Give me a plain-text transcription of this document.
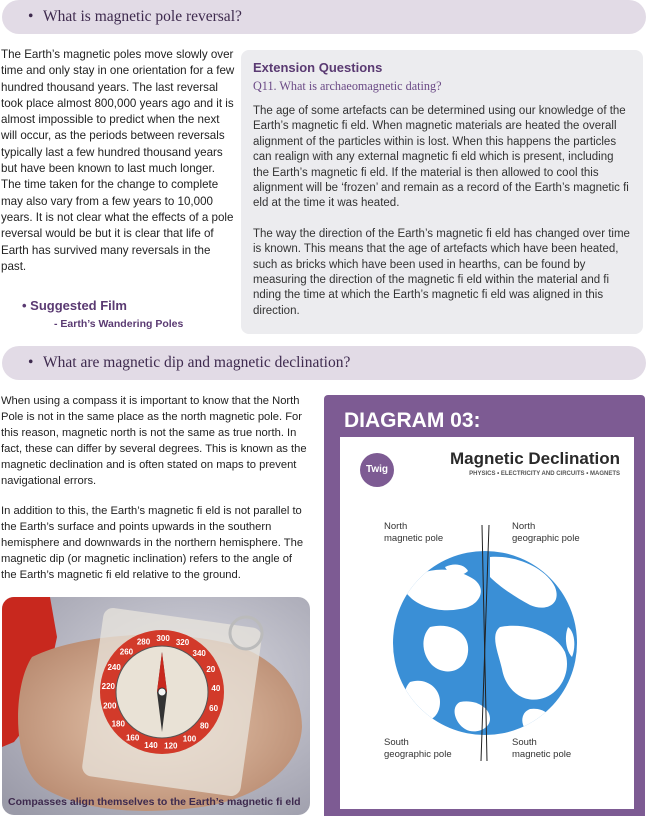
• What is magnetic pole reversal?

The Earth’s magnetic poles move slowly over time and only stay in one orientation for a few hundred thousand years. The last reversal took place almost 800,000 years ago and it is almost impossible to predict when the next will occur, as the periods between reversals typically last a few hundred thousand years but have been known to last much longer. The time taken for the change to complete may also vary from a few years to 10,000 years. It is not clear what the effects of a pole reversal would be but it is clear that life of Earth has survived many reversals in the past.

• Suggested Film
- Earth’s Wandering Poles

Extension Questions

Q11. What is archaeomagnetic dating?

The age of some artefacts can be determined using our knowledge of the Earth’s magnetic fi eld. When magnetic materials are heated the overall alignment of the particles within is lost. When this happens the particles can realign with any external magnetic fi eld which is present, including the Earth’s magnetic fi eld. If the material is then allowed to cool this alignment will be ‘frozen’ and remain as a record of the Earth’s magnetic fi eld at the time it was heated.

The way the direction of the Earth’s magnetic fi eld has changed over time is known. This means that the age of artefacts which have been heated, such as bricks which have been used in hearths, can be found by measuring the direction of the magnetic fi eld within the material and fi nding the time at which the Earth’s magnetic fi eld was aligned in this direction.

• What are magnetic dip and magnetic declination?

When using a compass it is important to know that the North Pole is not in the same place as the north magnetic pole. For this reason, magnetic north is not the same as true north. In fact, these can differ by several degrees. This is known as the magnetic declination and is often stated on maps to prevent navigational errors.

In addition to this, the Earth’s magnetic fi eld is not parallel to the Earth’s surface and points upwards in the southern hemisphere and downwards in the northern hemisphere. The magnetic dip (or magnetic inclination) refers to the angle of the Earth’s magnetic fi eld relative to the ground.

DIAGRAM 03:
Twig
Magnetic Declination
PHYSICS • ELECTRICITY AND CIRCUITS • MAGNETS
North
magnetic pole
North
geographic pole
South
geographic pole
South
magnetic pole
280 300 320
340
20
40
60
80
100
120
140
160
180
200
220
240
260
Compasses align themselves to the Earth’s magnetic fi eld
